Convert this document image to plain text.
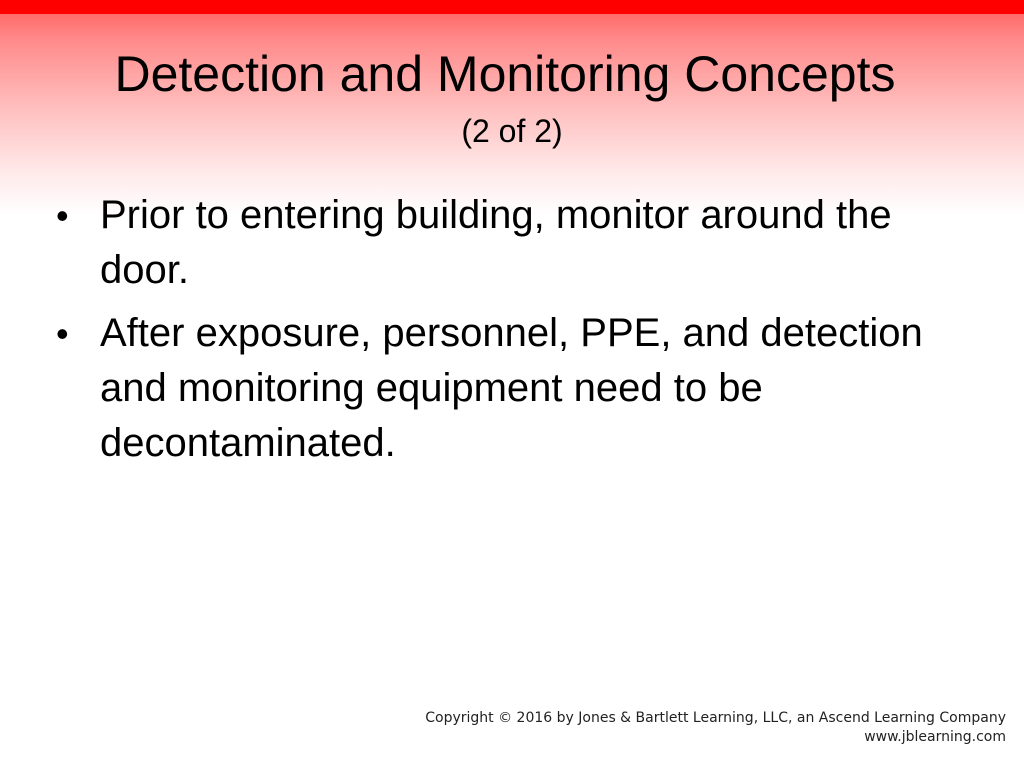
Detection and Monitoring Concepts
(2 of 2)
• Prior to entering building, monitor around the door.
• After exposure, personnel, PPE, and detection and monitoring equipment need to be decontaminated.
Copyright © 2016 by Jones & Bartlett Learning, LLC, an Ascend Learning Company
www.jblearning.com
